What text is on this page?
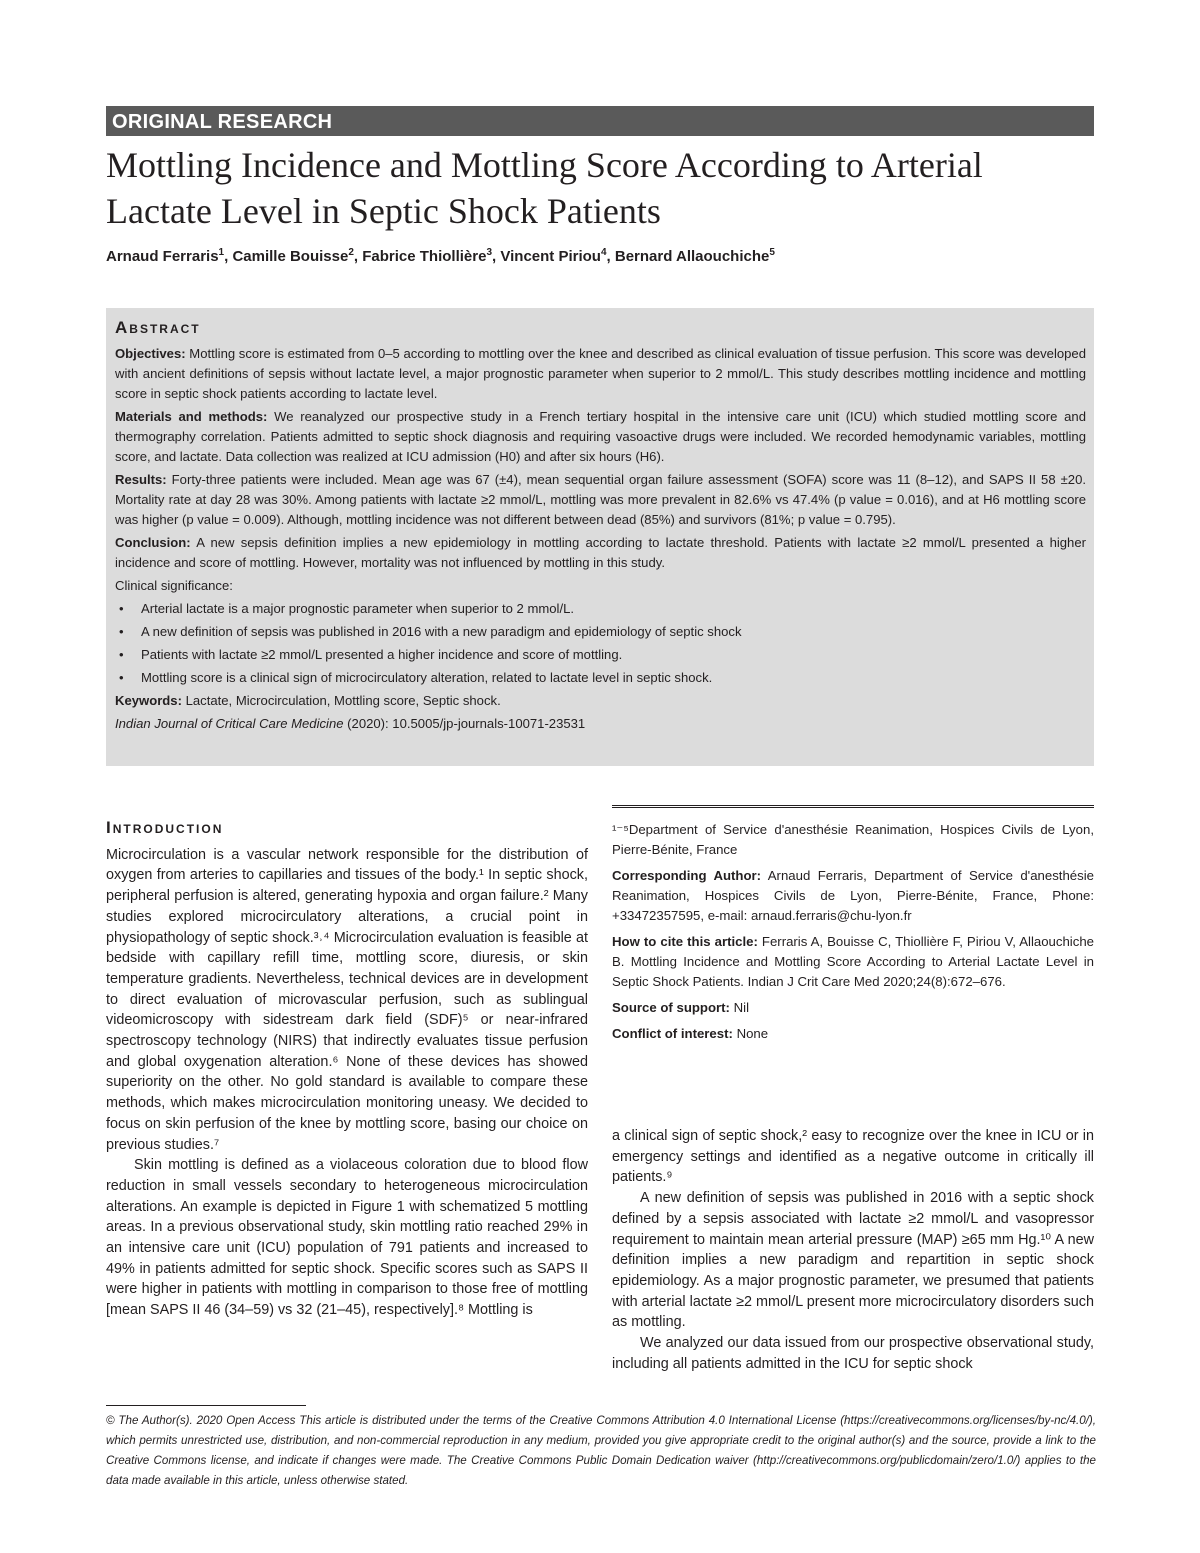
ORIGINAL RESEARCH
Mottling Incidence and Mottling Score According to Arterial Lactate Level in Septic Shock Patients
Arnaud Ferraris$^1$, Camille Bouisse$^2$, Fabrice Thiollière$^3$, Vincent Piriou$^4$, Bernard Allaouchiche$^5$
Abstract

Objectives: Mottling score is estimated from 0–5 according to mottling over the knee and described as clinical evaluation of tissue perfusion. This score was developed with ancient definitions of sepsis without lactate level, a major prognostic parameter when superior to 2 mmol/L. This study describes mottling incidence and mottling score in septic shock patients according to lactate level.

Materials and methods: We reanalyzed our prospective study in a French tertiary hospital in the intensive care unit (ICU) which studied mottling score and thermography correlation. Patients admitted to septic shock diagnosis and requiring vasoactive drugs were included. We recorded hemodynamic variables, mottling score, and lactate. Data collection was realized at ICU admission (H0) and after six hours (H6).

Results: Forty-three patients were included. Mean age was 67 (±4), mean sequential organ failure assessment (SOFA) score was 11 (8–12), and SAPS II 58 ±20. Mortality rate at day 28 was 30%. Among patients with lactate ≥2 mmol/L, mottling was more prevalent in 82.6% vs 47.4% (p value = 0.016), and at H6 mottling score was higher (p value = 0.009). Although, mottling incidence was not different between dead (85%) and survivors (81%; p value = 0.795).

Conclusion: A new sepsis definition implies a new epidemiology in mottling according to lactate threshold. Patients with lactate ≥2 mmol/L presented a higher incidence and score of mottling. However, mortality was not influenced by mottling in this study.

Clinical significance:

• Arterial lactate is a major prognostic parameter when superior to 2 mmol/L.
• A new definition of sepsis was published in 2016 with a new paradigm and epidemiology of septic shock
• Patients with lactate ≥2 mmol/L presented a higher incidence and score of mottling.
• Mottling score is a clinical sign of microcirculatory alteration, related to lactate level in septic shock.

Keywords: Lactate, Microcirculation, Mottling score, Septic shock.

Indian Journal of Critical Care Medicine (2020): 10.5005/jp-journals-10071-23531

Introduction

Microcirculation is a vascular network responsible for the distribution of oxygen from arteries to capillaries and tissues of the body.¹ In septic shock, peripheral perfusion is altered, generating hypoxia and organ failure.² Many studies explored microcirculatory alterations, a crucial point in physiopathology of septic shock.³˒⁴ Microcirculation evaluation is feasible at bedside with capillary refill time, mottling score, diuresis, or skin temperature gradients. Nevertheless, technical devices are in development to direct evaluation of microvascular perfusion, such as sublingual videomicroscopy with sidestream dark field (SDF)⁵ or near-infrared spectroscopy technology (NIRS) that indirectly evaluates tissue perfusion and global oxygenation alteration.⁶ None of these devices has showed superiority on the other. No gold standard is available to compare these methods, which makes microcirculation monitoring uneasy. We decided to focus on skin perfusion of the knee by mottling score, basing our choice on previous studies.⁷

Skin mottling is defined as a violaceous coloration due to blood flow reduction in small vessels secondary to heterogeneous microcirculation alterations. An example is depicted in Figure 1 with schematized 5 mottling areas. In a previous observational study, skin mottling ratio reached 29% in an intensive care unit (ICU) population of 791 patients and increased to 49% in patients admitted for septic shock. Specific scores such as SAPS II were higher in patients with mottling in comparison to those free of mottling [mean SAPS II 46 (34–59) vs 32 (21–45), respectively].⁸ Mottling is

¹⁻⁵Department of Service d'anesthésie Reanimation, Hospices Civils de Lyon, Pierre-Bénite, France

Corresponding Author: Arnaud Ferraris, Department of Service d'anesthésie Reanimation, Hospices Civils de Lyon, Pierre-Bénite, France, Phone: +33472357595, e-mail: arnaud.ferraris@chu-lyon.fr

How to cite this article: Ferraris A, Bouisse C, Thiollière F, Piriou V, Allaouchiche B. Mottling Incidence and Mottling Score According to Arterial Lactate Level in Septic Shock Patients. Indian J Crit Care Med 2020;24(8):672–676.

Source of support: Nil

Conflict of interest: None

a clinical sign of septic shock,² easy to recognize over the knee in ICU or in emergency settings and identified as a negative outcome in critically ill patients.⁹

A new definition of sepsis was published in 2016 with a septic shock defined by a sepsis associated with lactate ≥2 mmol/L and vasopressor requirement to maintain mean arterial pressure (MAP) ≥65 mm Hg.¹⁰ A new definition implies a new paradigm and repartition in septic shock epidemiology. As a major prognostic parameter, we presumed that patients with arterial lactate ≥2 mmol/L present more microcirculatory disorders such as mottling.

We analyzed our data issued from our prospective observational study, including all patients admitted in the ICU for septic shock

© The Author(s). 2020 Open Access This article is distributed under the terms of the Creative Commons Attribution 4.0 International License (https://creativecommons.org/licenses/by-nc/4.0/), which permits unrestricted use, distribution, and non-commercial reproduction in any medium, provided you give appropriate credit to the original author(s) and the source, provide a link to the Creative Commons license, and indicate if changes were made. The Creative Commons Public Domain Dedication waiver (http://creativecommons.org/publicdomain/zero/1.0/) applies to the data made available in this article, unless otherwise stated.
